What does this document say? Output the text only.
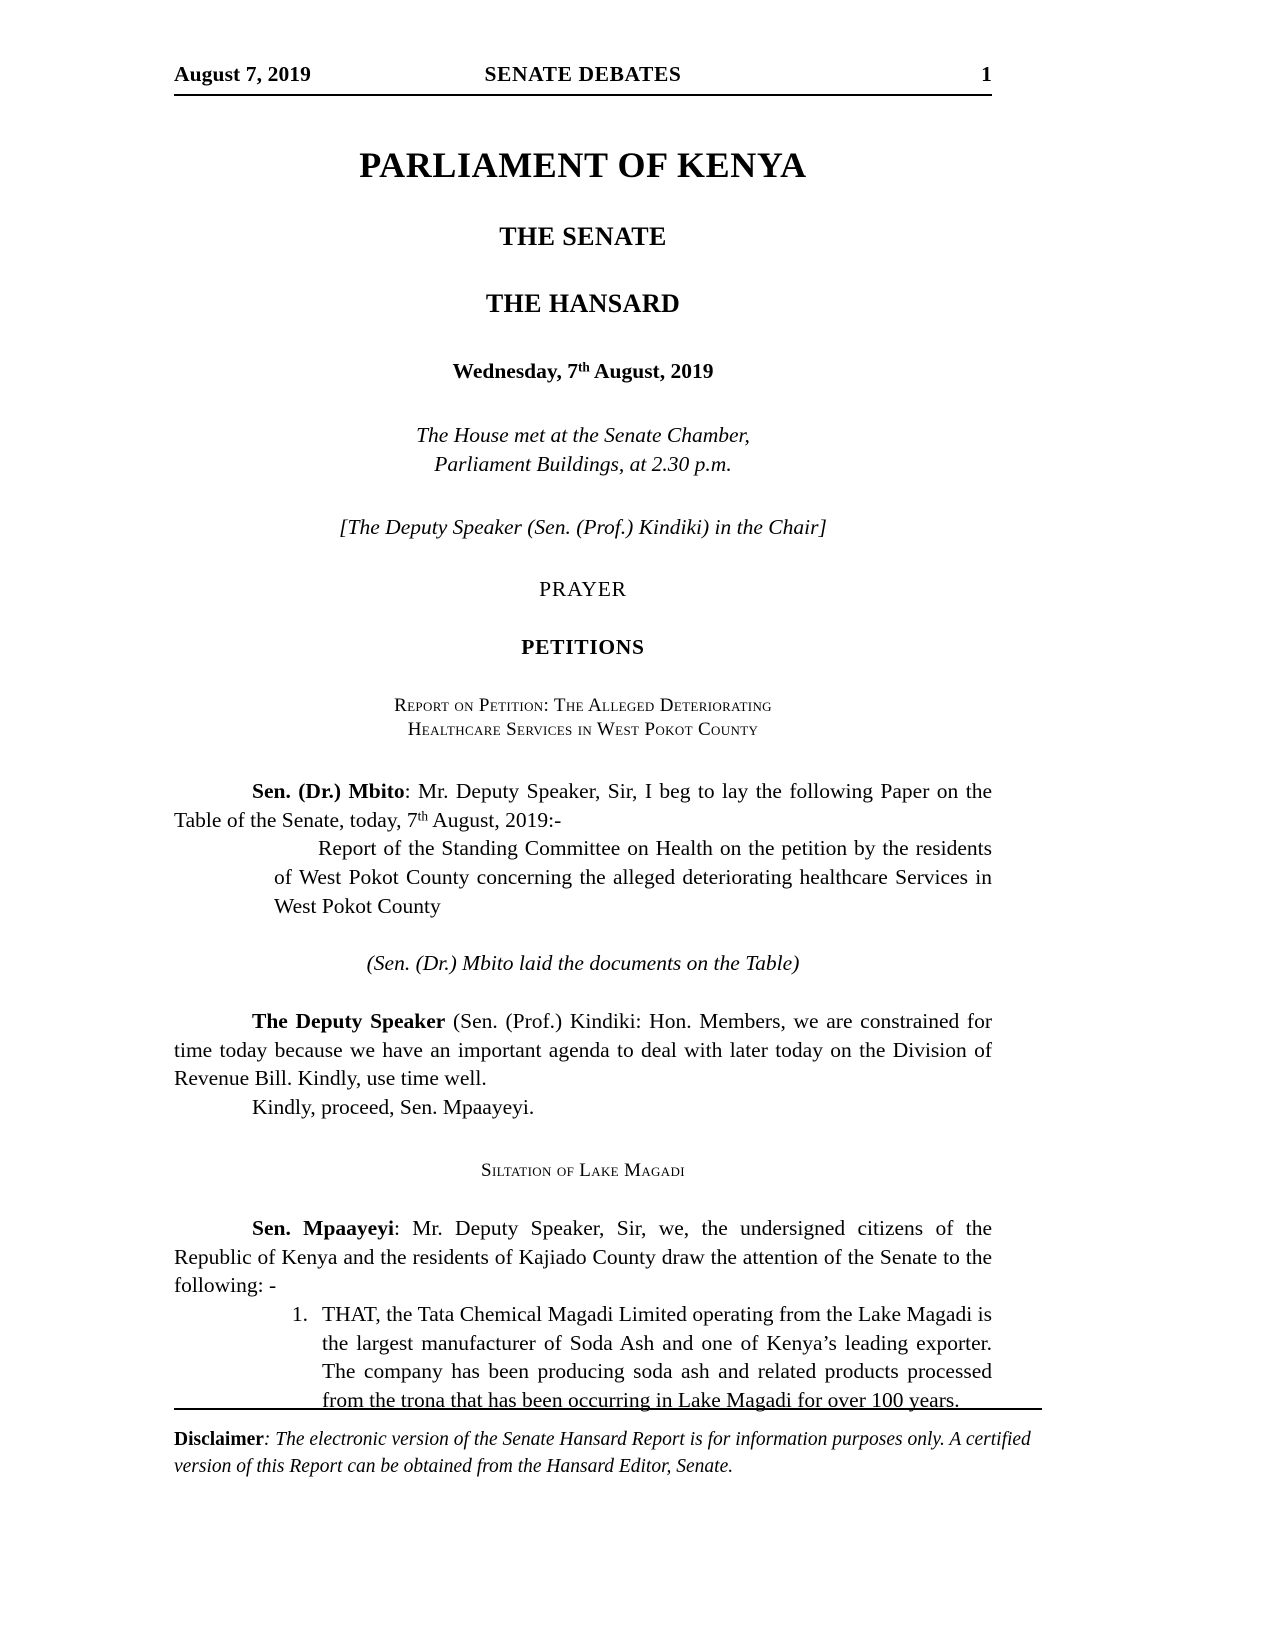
August 7, 2019	SENATE DEBATES	1
PARLIAMENT OF KENYA
THE SENATE
THE HANSARD
Wednesday, 7th August, 2019
The House met at the Senate Chamber,
Parliament Buildings, at 2.30 p.m.
[The Deputy Speaker (Sen. (Prof.) Kindiki) in the Chair]
PRAYER
PETITIONS
Report on Petition: The Alleged Deteriorating
Healthcare Services in West Pokot County

Sen. (Dr.) Mbito: Mr. Deputy Speaker, Sir, I beg to lay the following Paper on the Table of the Senate, today, 7th August, 2019:-

Report of the Standing Committee on Health on the petition by the residents of West Pokot County concerning the alleged deteriorating healthcare Services in West Pokot County
(Sen. (Dr.) Mbito laid the documents on the Table)

The Deputy Speaker (Sen. (Prof.) Kindiki: Hon. Members, we are constrained for time today because we have an important agenda to deal with later today on the Division of Revenue Bill. Kindly, use time well.

Kindly, proceed, Sen. Mpaayeyi.

Siltation of Lake Magadi

Sen. Mpaayeyi: Mr. Deputy Speaker, Sir, we, the undersigned citizens of the Republic of Kenya and the residents of Kajiado County draw the attention of the Senate to the following: -

1. THAT, the Tata Chemical Magadi Limited operating from the Lake Magadi is the largest manufacturer of Soda Ash and one of Kenya’s leading exporter. The company has been producing soda ash and related products processed from the trona that has been occurring in Lake Magadi for over 100 years.
Disclaimer: The electronic version of the Senate Hansard Report is for information purposes only. A certified version of this Report can be obtained from the Hansard Editor, Senate.
